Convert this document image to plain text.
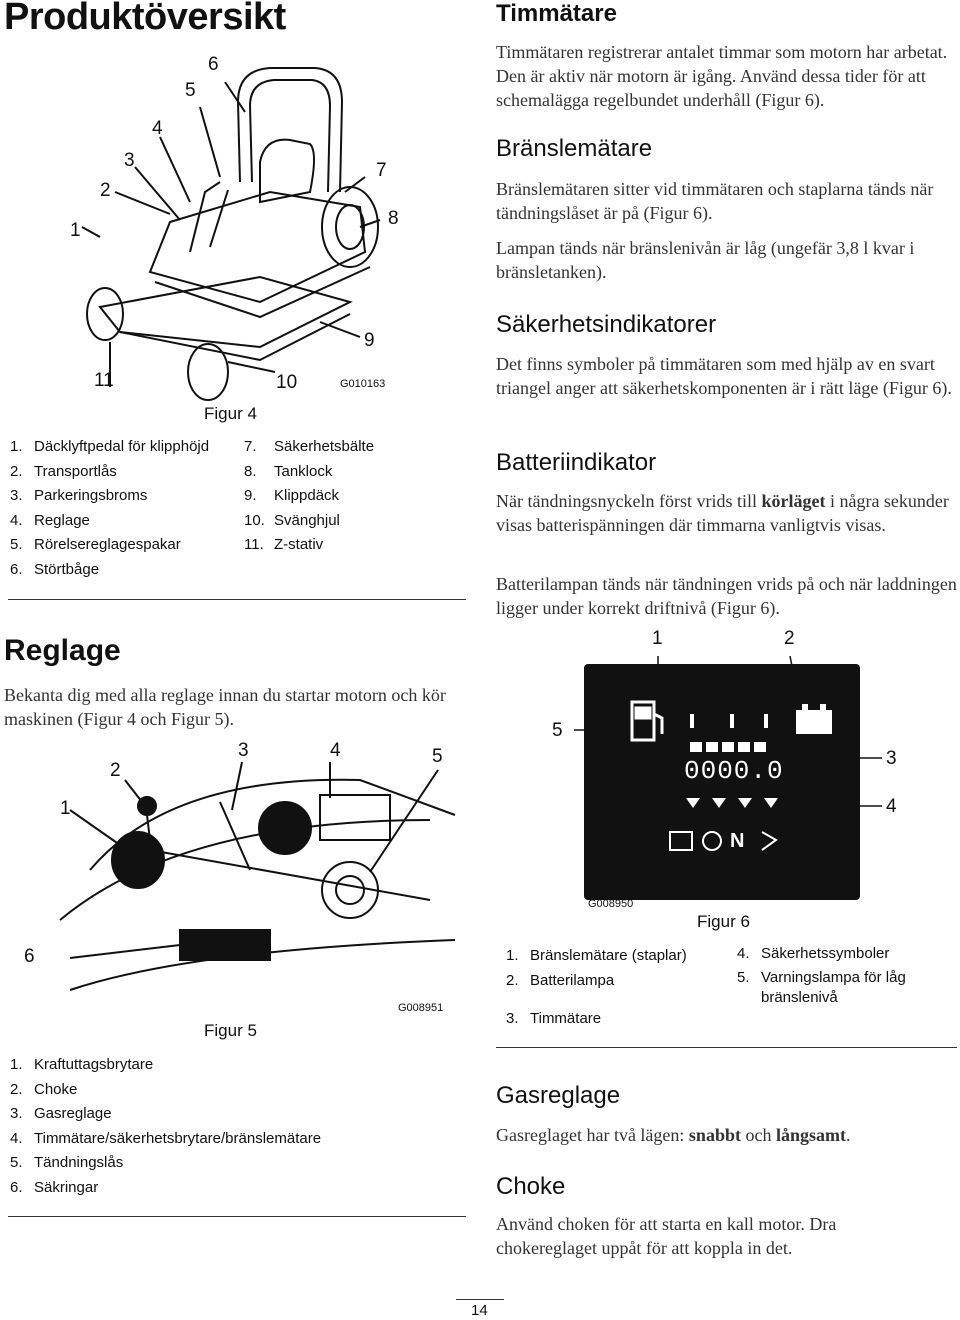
Produktöversikt
1
2
3
4
5
6
7
8
9
10
11	G010163
Figur 4
1. Däcklyftpedal för klipphöjd
2. Transportlås
3. Parkeringsbroms
4. Reglage
5. Rörelsereglagespakar
6. Störtbåge
7. Säkerhetsbälte
8. Tanklock
9. Klippdäck
10. Svänghjul
11. Z-stativ
Reglage
Bekanta dig med alla reglage innan du startar motorn och kör maskinen (Figur 4 och Figur 5).
1
2
3	4	5
6
G008951
Figur 5
1. Kraftuttagsbrytare
2. Choke
3. Gasreglage
4. Timmätare/säkerhetsbrytare/bränslemätare
5. Tändningslås
6. Säkringar
Timmätare
Timmätaren registrerar antalet timmar som motorn har arbetat. Den är aktiv när motorn är igång. Använd dessa tider för att schemalägga regelbundet underhåll (Figur 6).
Bränslemätare
Bränslemätaren sitter vid timmätaren och staplarna tänds när tändningslåset är på (Figur 6).
Lampan tänds när bränslenivån är låg (ungefär 3,8 l kvar i bränsletanken).
Säkerhetsindikatorer
Det finns symboler på timmätaren som med hjälp av en svart triangel anger att säkerhetskomponenten är i rätt läge (Figur 6).
Batteriindikator
När tändningsnyckeln först vrids till körläget i några sekunder visas batterispänningen där timmarna vanligtvis visas.
Batterilampan tänds när tändningen vrids på och när laddningen ligger under korrekt driftnivå (Figur 6).
1	2
5
3
4
0000.0
N
G008950
Figur 6
1. Bränslemätare (staplar)
2. Batterilampa
3. Timmätare
4. Säkerhetssymboler
5. Varningslampa för låg bränslenivå
Gasreglage
Gasreglaget har två lägen: snabbt och långsamt.
Choke
Använd choken för att starta en kall motor. Dra chokereglaget uppåt för att koppla in det.
14
